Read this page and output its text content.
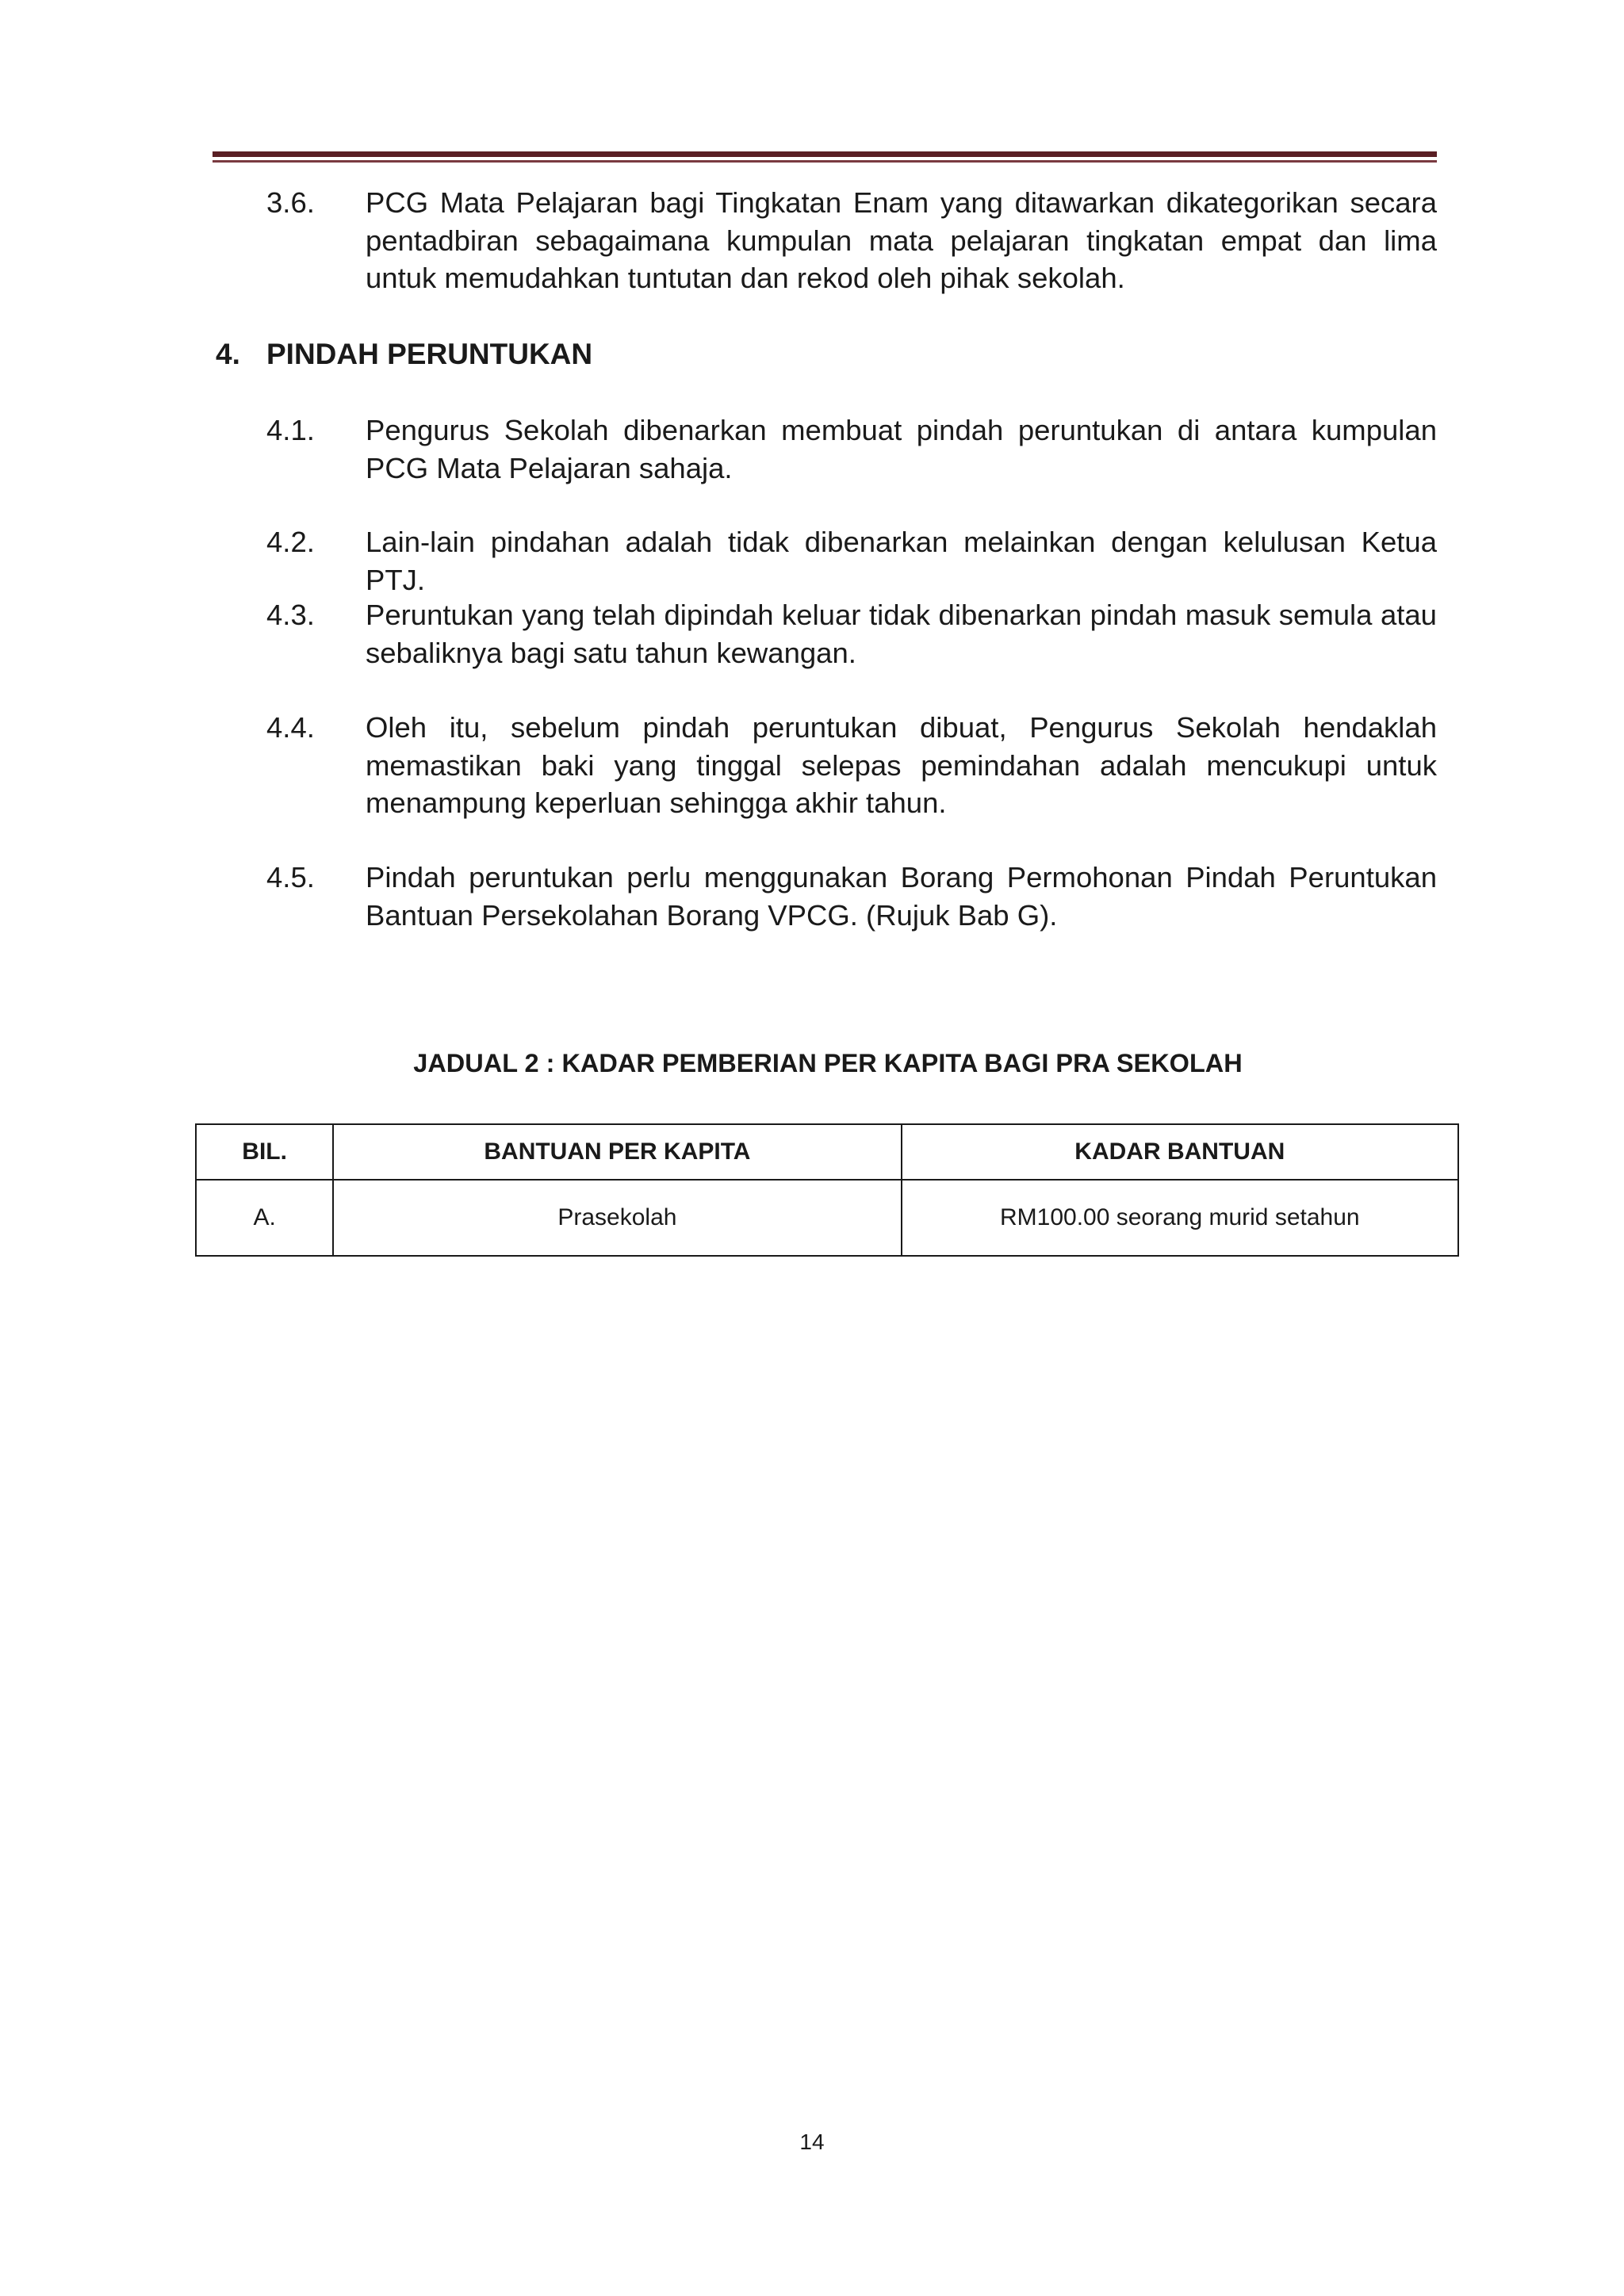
3.6. PCG Mata Pelajaran bagi Tingkatan Enam yang ditawarkan dikategorikan secara pentadbiran sebagaimana kumpulan mata pelajaran tingkatan empat dan lima untuk memudahkan tuntutan dan rekod oleh pihak sekolah.
4. PINDAH PERUNTUKAN
4.1. Pengurus Sekolah dibenarkan membuat pindah peruntukan di antara kumpulan PCG Mata Pelajaran sahaja.
4.2. Lain-lain pindahan adalah tidak dibenarkan melainkan dengan kelulusan Ketua PTJ.
4.3. Peruntukan yang telah dipindah keluar tidak dibenarkan pindah masuk semula atau sebaliknya bagi satu tahun kewangan.
4.4. Oleh itu, sebelum pindah peruntukan dibuat, Pengurus Sekolah hendaklah memastikan baki yang tinggal selepas pemindahan adalah mencukupi untuk menampung keperluan sehingga akhir tahun.
4.5. Pindah peruntukan perlu menggunakan Borang Permohonan Pindah Peruntukan Bantuan Persekolahan Borang VPCG. (Rujuk Bab G).
JADUAL 2 : KADAR PEMBERIAN PER KAPITA BAGI PRA SEKOLAH
BIL.	BANTUAN PER KAPITA	KADAR BANTUAN
A.	Prasekolah	RM100.00 seorang murid setahun
14
